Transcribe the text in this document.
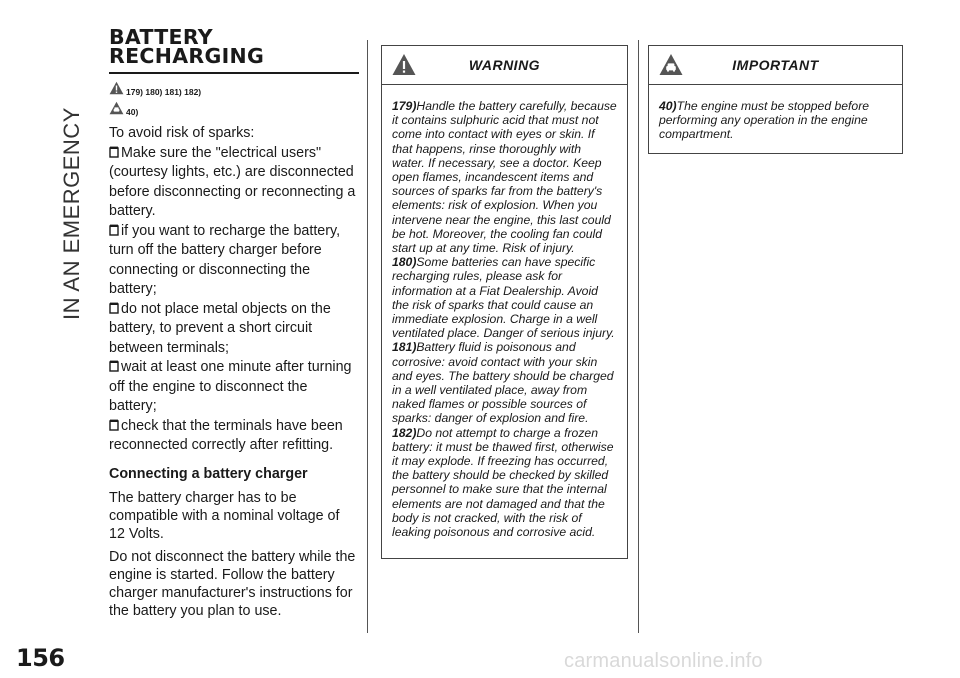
IN AN EMERGENCY
156
BATTERY
RECHARGING
179) 180) 181) 182)
40)

To avoid risk of sparks:

Make sure the "electrical users" (courtesy lights, etc.) are disconnected before disconnecting or reconnecting a battery.

if you want to recharge the battery, turn off the battery charger before connecting or disconnecting the battery;

do not place metal objects on the battery, to prevent a short circuit between terminals;

wait at least one minute after turning off the engine to disconnect the battery;

check that the terminals have been reconnected correctly after refitting.

Connecting a battery charger

The battery charger has to be compatible with a nominal voltage of 12 Volts.

Do not disconnect the battery while the engine is started. Follow the battery charger manufacturer's instructions for the battery you plan to use.

WARNING

179)Handle the battery carefully, because it contains sulphuric acid that must not come into contact with eyes or skin. If that happens, rinse thoroughly with water. If necessary, see a doctor. Keep open flames, incandescent items and sources of sparks far from the battery's elements: risk of explosion. When you intervene near the engine, this last could be hot. Moreover, the cooling fan could start up at any time. Risk of injury.

180)Some batteries can have specific recharging rules, please ask for information at a Fiat Dealership. Avoid the risk of sparks that could cause an immediate explosion. Charge in a well ventilated place. Danger of serious injury.

181)Battery fluid is poisonous and corrosive: avoid contact with your skin and eyes. The battery should be charged in a well ventilated place, away from naked flames or possible sources of sparks: danger of explosion and fire.

182)Do not attempt to charge a frozen battery: it must be thawed first, otherwise it may explode. If freezing has occurred, the battery should be checked by skilled personnel to make sure that the internal elements are not damaged and that the body is not cracked, with the risk of leaking poisonous and corrosive acid.

IMPORTANT

40)The engine must be stopped before performing any operation in the engine compartment.

carmanualsonline.info
